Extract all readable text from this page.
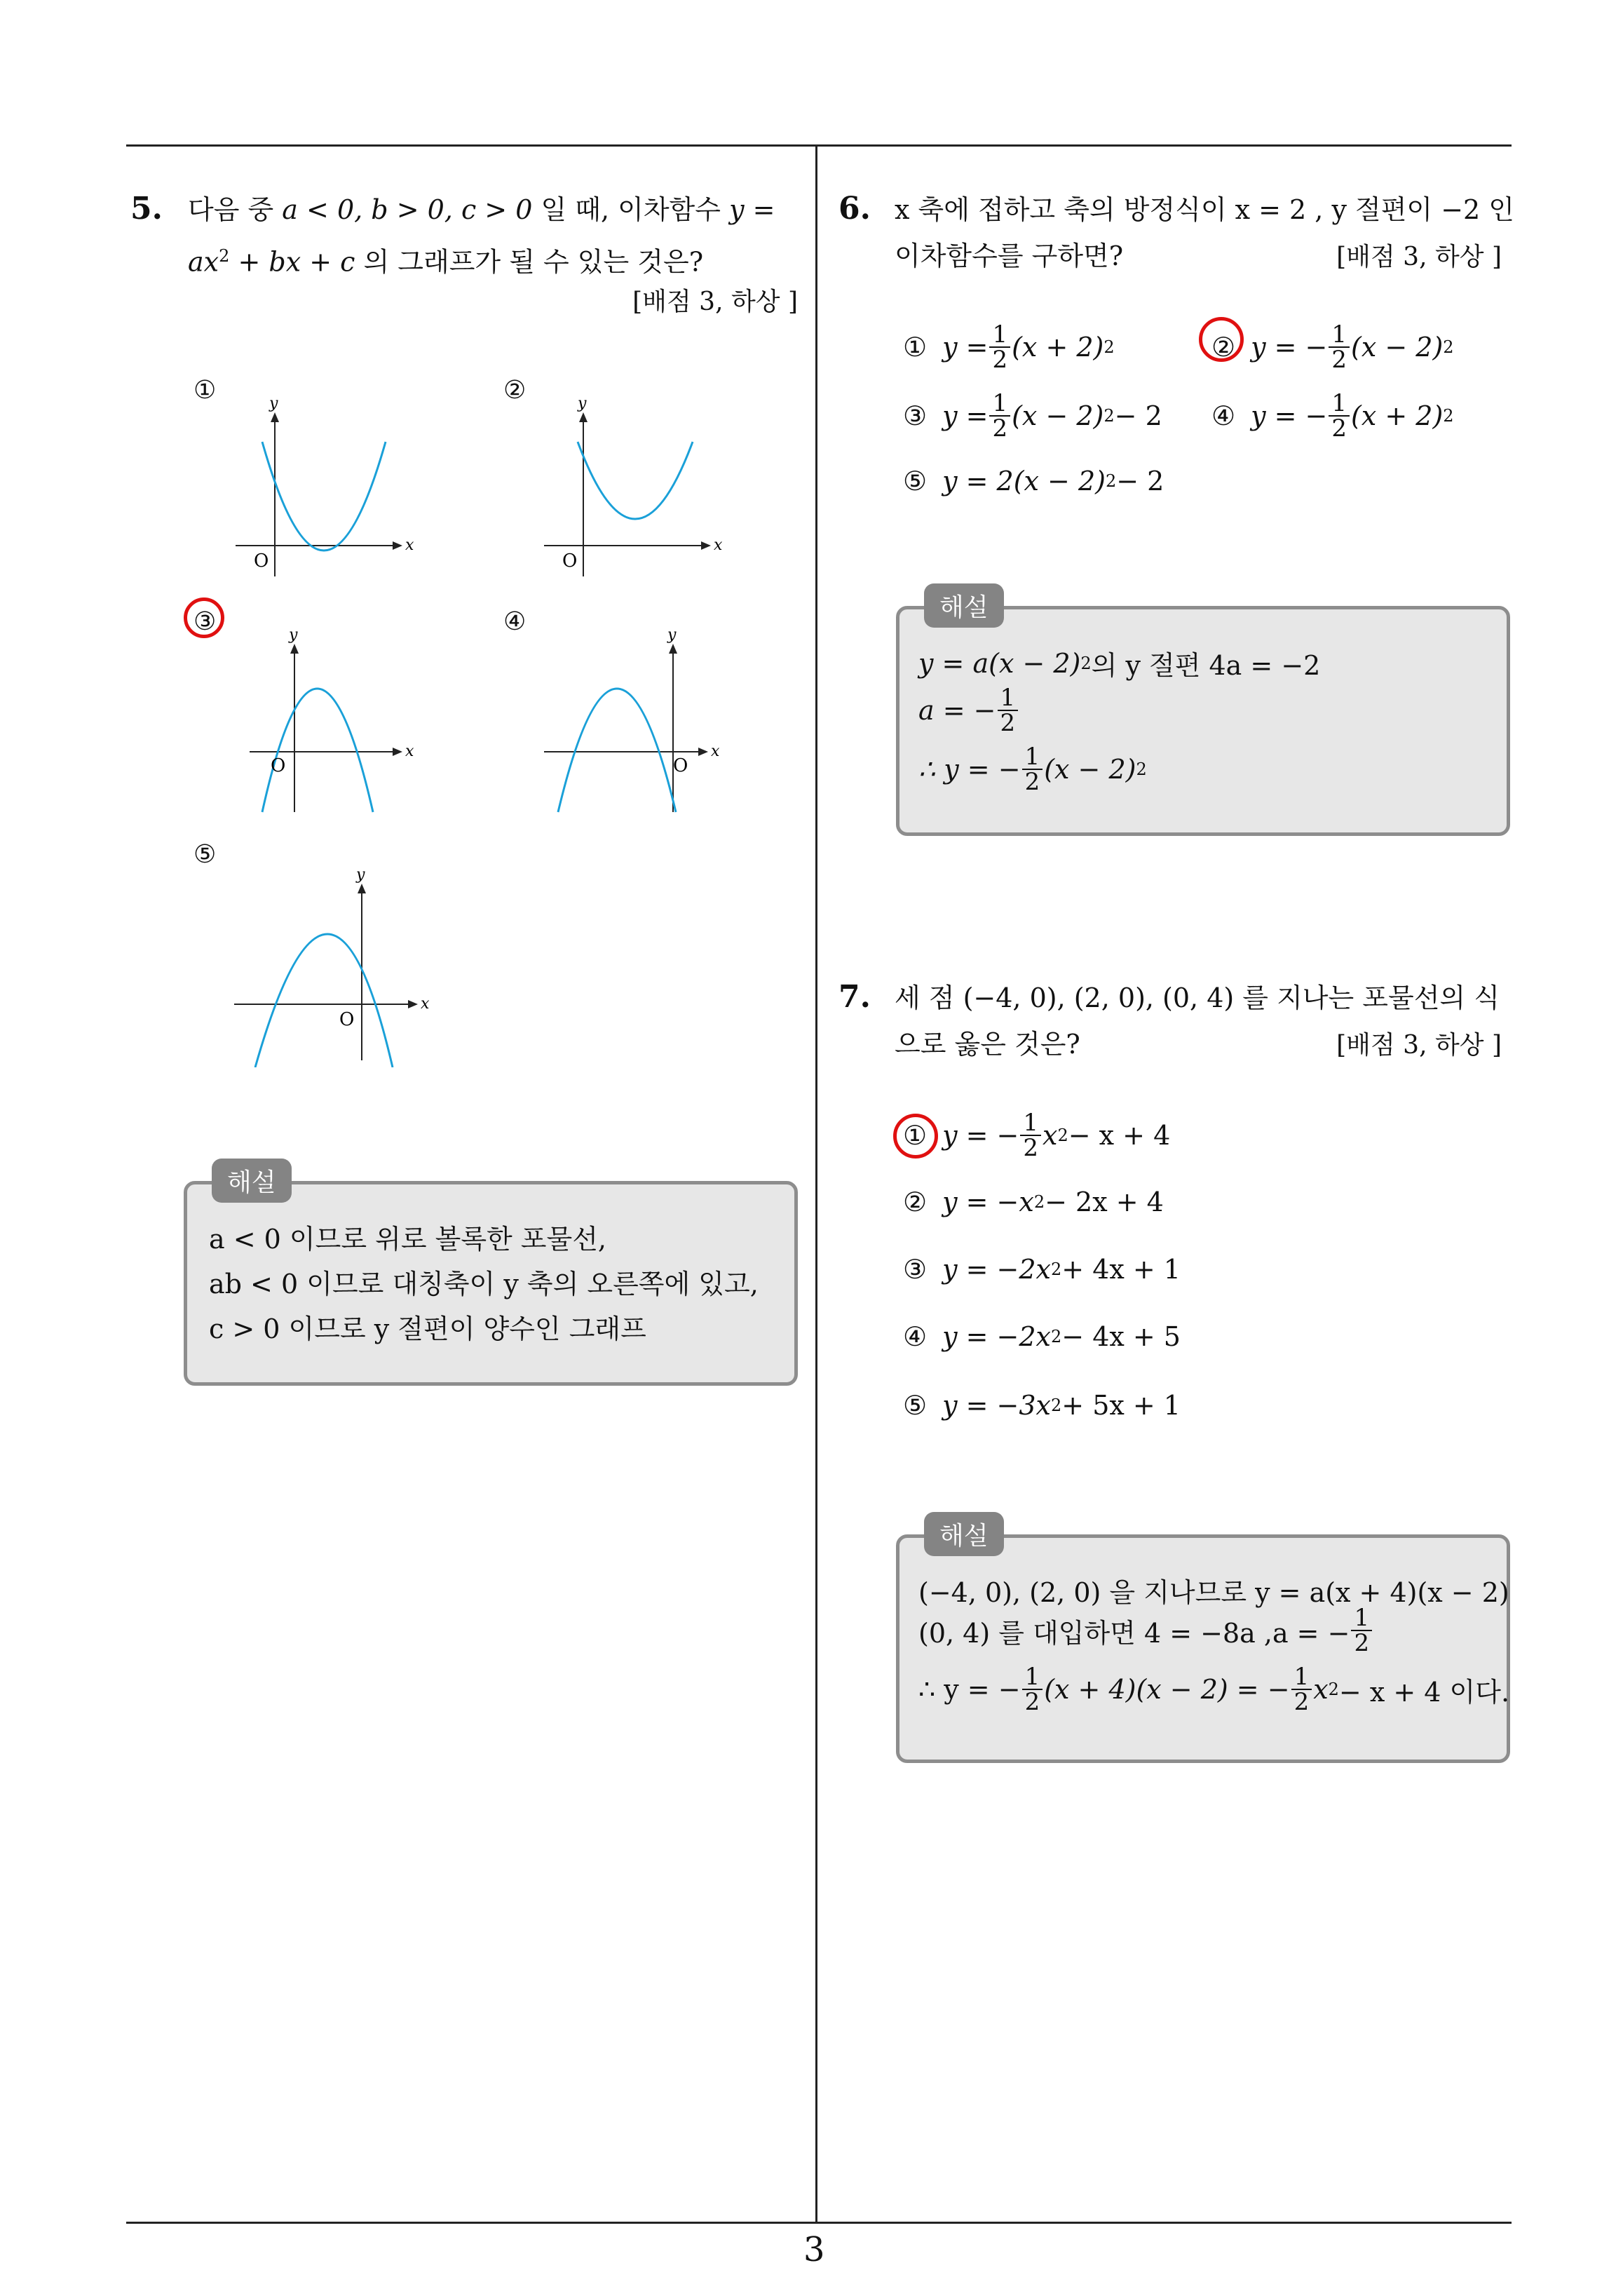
5. 다음 중 a < 0, b > 0, c > 0 일 때, 이차함수 y =
$ax^2$ + bx + c 의 그래프가 될 수 있는 것은?
[배점 3, 하상 ]
①	②
③	④
⑤
x
y
O
x
y
O
x
y
O
x
y
O
x
y
O
해설
a < 0 이므로 위로 볼록한 포물선,
ab < 0 이므로 대칭축이 y 축의 오른쪽에 있고,
c > 0 이므로 y 절편이 양수인 그래프
6. x 축에 접하고 축의 방정식이 x = 2 , y 절편이 −2 인
이차함수를 구하면?	[배점 3, 하상 ]
① $y = \frac{1}{2} (x + 2)$ 2	② y = − $\frac{1}{2} (x - 2)$ 2
③ $y = \frac{1}{2} (x - 2) 2 - 2$ ④ y = − $\frac{1}{2} (x + 2)$ 2
⑤ y = 2(x − 2) 2 − 2
해설
y = a(x − 2) 2 의 y 절편 4a = −2
a = − $\frac{1}{2}$
∴ y = − $\frac{1}{2} (x - 2)$ 2
7. 세 점 (−4, 0), (2, 0), (0, 4) 를 지나는 포물선의 식
으로 옳은 것은?	[배점 3, 하상 ]
① y = − $\frac{1}{2}$ x 2 − x + 4
② y = −x 2 − 2x + 4
③ y = −2x 2 + 4x + 1
④ y = −2x 2 − 4x + 5
⑤ y = −3x 2 + 5x + 1
해설
(−4, 0), (2, 0) 을 지나므로 y = a(x + 4)(x − 2)
(0, 4) 를 대입하면 4 = −8a ,a = − $\frac{1}{2}$
∴ y = − $\frac{1}{2} (x + 4)(x - 2)$ = − $\frac{1}{2}$ x 2 − x + 4 이다.
3
